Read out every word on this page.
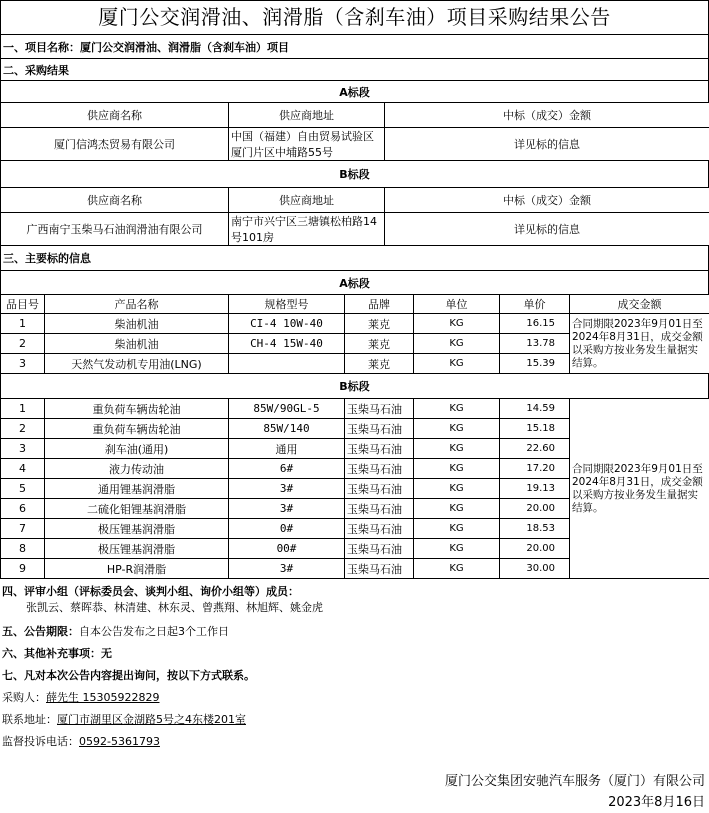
厦门公交润滑油、润滑脂（含刹车油）项目采购结果公告
一、项目名称：厦门公交润滑油、润滑脂（含刹车油）项目
二、采购结果
A标段
供应商名称	供应商地址	中标（成交）金额
厦门信鸿杰贸易有限公司	中国（福建）自由贸易试验区厦门片区中埔路55号	详见标的信息
B标段
供应商名称	供应商地址	中标（成交）金额
广西南宁玉柴马石油润滑油有限公司	南宁市兴宁区三塘镇松柏路14号101房	详见标的信息
三、主要标的信息
A标段
品目号	产品名称	规格型号	品牌	单位	单价	成交金额
1	柴油机油	CI-4 10W-40	莱克	KG	16.15	合同期限2023年9月01日至2024年8月31日，成交金额以采购方按业务发生量据实结算。
2	柴油机油	CH-4 15W-40	莱克	KG	13.78	
3	天然气发动机专用油(LNG)		莱克	KG	15.39	
B标段
1	重负荷车辆齿轮油	85W/90GL-5	玉柴马石油	KG	14.59	合同期限2023年9月01日至2024年8月31日，成交金额以采购方按业务发生量据实结算。
2	重负荷车辆齿轮油	85W/140	玉柴马石油	KG	15.18	
3	刹车油(通用)	通用	玉柴马石油	KG	22.60	
4	液力传动油	6#	玉柴马石油	KG	17.20	
5	通用锂基润滑脂	3#	玉柴马石油	KG	19.13	
6	二硫化钼锂基润滑脂	3#	玉柴马石油	KG	20.00	
7	极压锂基润滑脂	0#	玉柴马石油	KG	18.53	
8	极压锂基润滑脂	00#	玉柴马石油	KG	20.00	
9	HP-R润滑脂	3#	玉柴马石油	KG	30.00	
四、评审小组（评标委员会、谈判小组、询价小组等）成员：
张凯云、蔡晖恭、林清建、林东灵、曾燕翔、林旭辉、姚金虎
五、公告期限： 自本公告发布之日起3个工作日
六、其他补充事项： 无
七、凡对本次公告内容提出询问，按以下方式联系。
采购人： 薛先生 15305922829
联系地址： 厦门市湖里区金湖路5号之4东楼201室
监督投诉电话： 0592-5361793
厦门公交集团安驰汽车服务（厦门）有限公司
2023年8月16日
